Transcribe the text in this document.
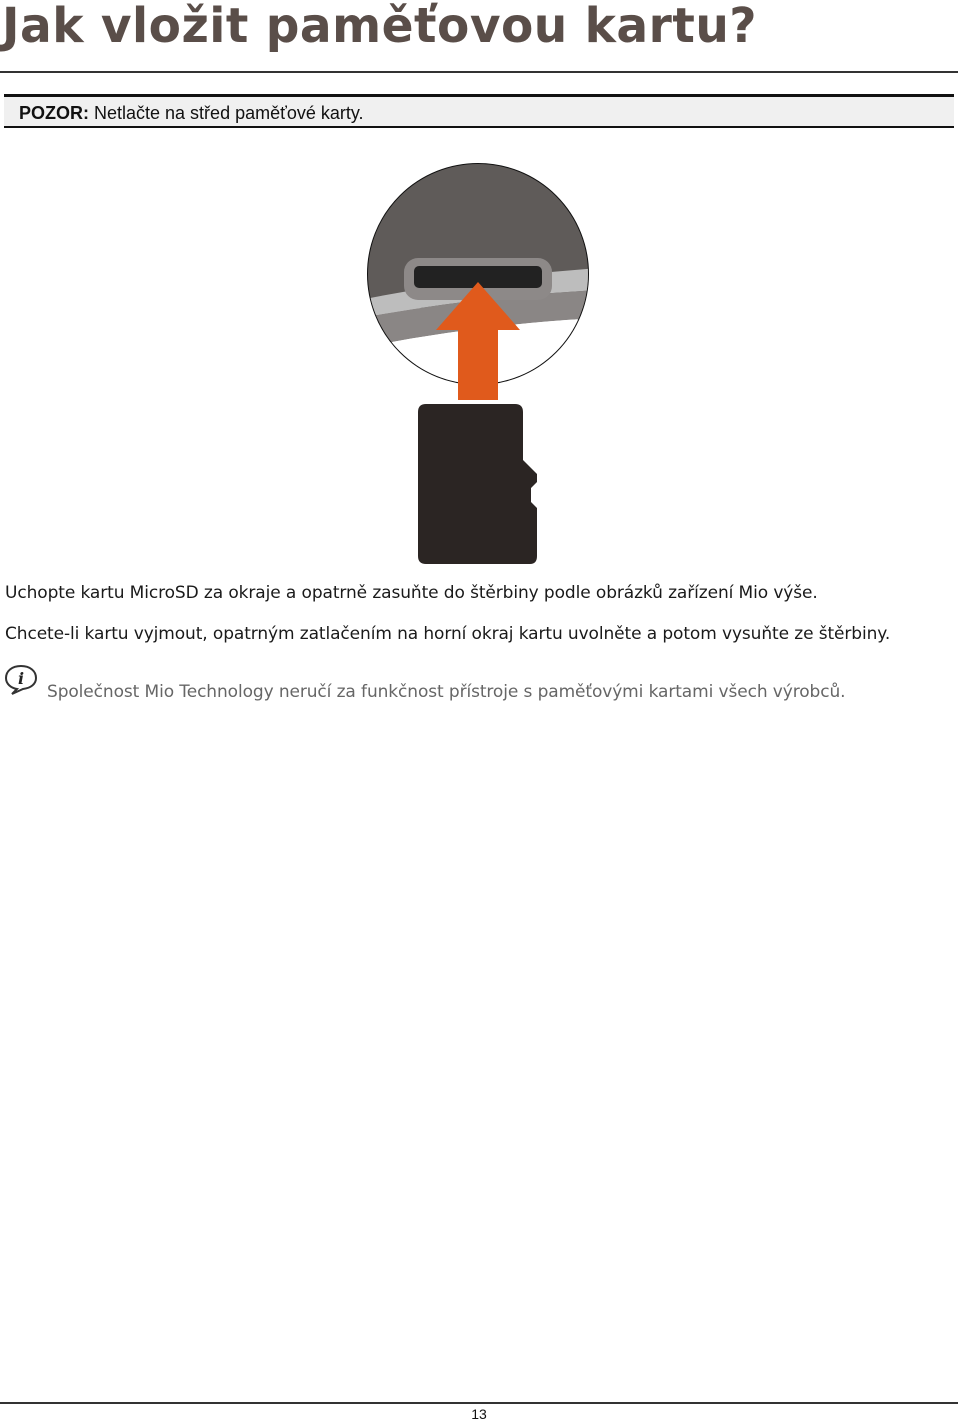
Jak vložit paměťovou kartu?
POZOR: Netlačte na střed paměťové karty.

Uchopte kartu MicroSD za okraje a opatrně zasuňte do štěrbiny podle obrázků zařízení Mio výše.

Chcete-li kartu vyjmout, opatrným zatlačením na horní okraj kartu uvolněte a potom vysuňte ze štěrbiny.

i

Společnost Mio Technology neručí za funkčnost přístroje s paměťovými kartami všech výrobců.

13
